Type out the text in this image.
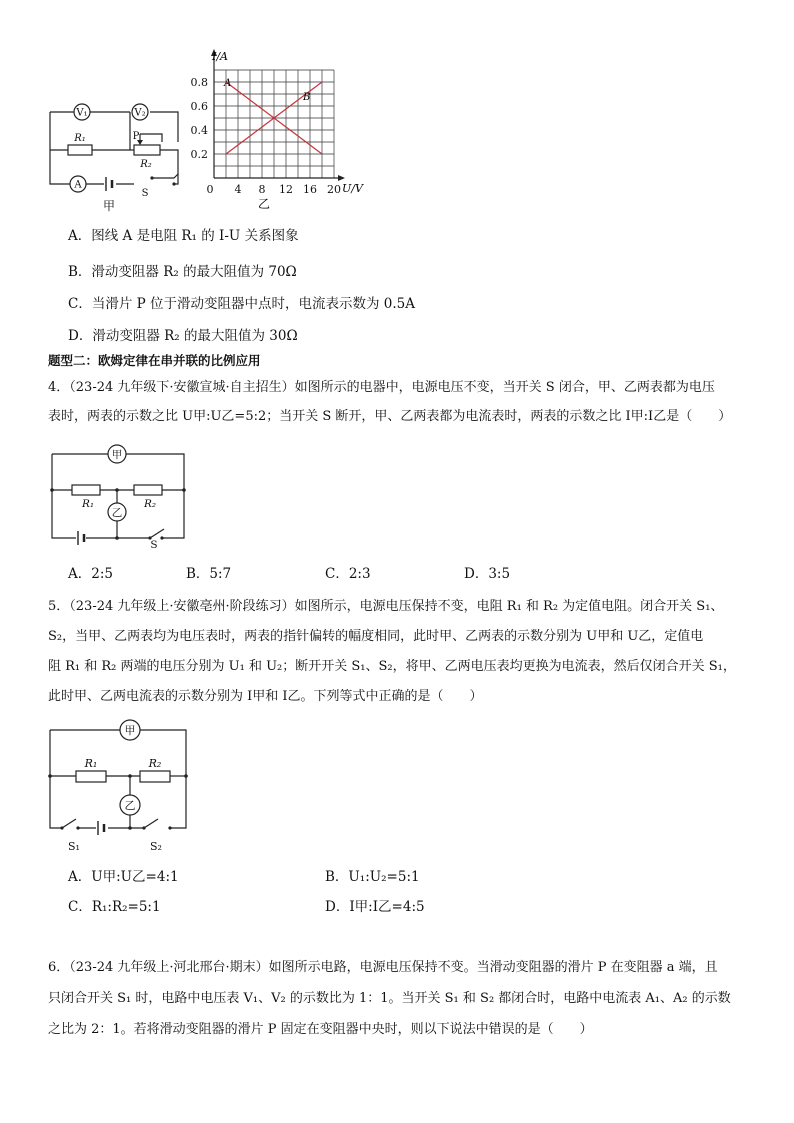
V₁	V₂
A
R₁	P
R₂
S
甲
I/A
U/V
A
B
0.8
0.6
0.4
0.2
0 4 8 12 16 20
乙
A．图线 A 是电阻 R₁ 的 I-U 关系图象
B．滑动变阻器 R₂ 的最大阻值为 70Ω
C．当滑片 P 位于滑动变阻器中点时，电流表示数为 0.5A
D．滑动变阻器 R₂ 的最大阻值为 30Ω
题型二：欧姆定律在串并联的比例应用
4．（23-24 九年级下·安徽宣城·自主招生）如图所示的电器中，电源电压不变，当开关 S 闭合，甲、乙两表都为电压
表时，两表的示数之比 U甲:U乙=5:2；当开关 S 断开，甲、乙两表都为电流表时，两表的示数之比 I甲:I乙是（　　）
甲
乙
R₁	R₂
S
A．2:5	B．5:7	C．2:3	D．3:5
5．（23-24 九年级上·安徽亳州·阶段练习）如图所示，电源电压保持不变，电阻 R₁ 和 R₂ 为定值电阻。闭合开关 S₁、
S₂，当甲、乙两表均为电压表时，两表的指针偏转的幅度相同，此时甲、乙两表的示数分别为 U甲和 U乙，定值电
阻 R₁ 和 R₂ 两端的电压分别为 U₁ 和 U₂；断开开关 S₁、S₂，将甲、乙两电压表均更换为电流表，然后仅闭合开关 S₁，
此时甲、乙两电流表的示数分别为 I甲和 I乙。下列等式中正确的是（　　）
甲
乙
R₁	R₂
S₁	S₂
A．U甲:U乙=4:1	B．U₁:U₂=5:1
C．R₁:R₂=5:1	D．I甲:I乙=4:5
6．（23-24 九年级上·河北邢台·期末）如图所示电路，电源电压保持不变。当滑动变阻器的滑片 P 在变阻器 a 端，且
只闭合开关 S₁ 时，电路中电压表 V₁、V₂ 的示数比为 1：1。当开关 S₁ 和 S₂ 都闭合时，电路中电流表 A₁、A₂ 的示数
之比为 2：1。若将滑动变阻器的滑片 P 固定在变阻器中央时，则以下说法中错误的是（　　）
